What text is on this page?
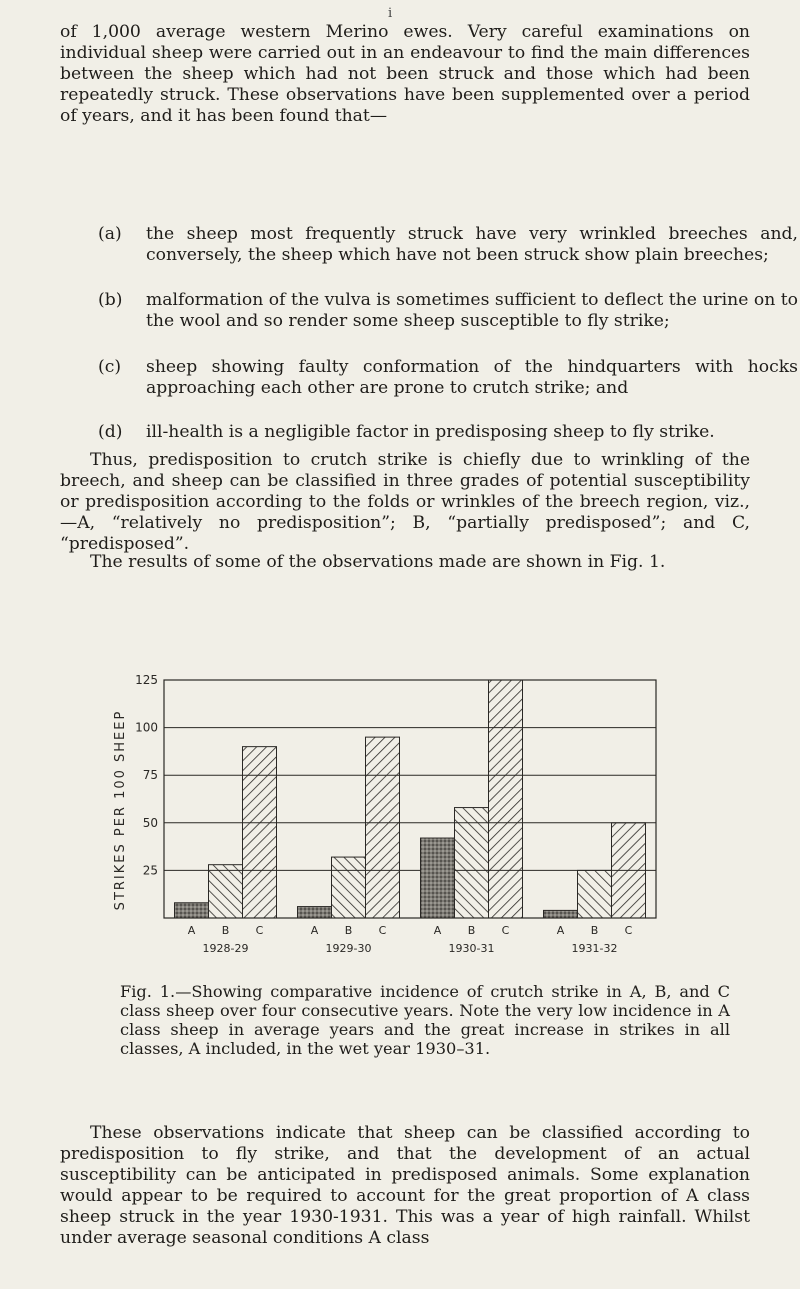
i
of 1,000 average western Merino ewes. Very careful examinations on individual sheep were carried out in an endeavour to find the main differences between the sheep which had not been struck and those which had been repeatedly struck. These observations have been supplemented over a period of years, and it has been found that—
(a) the sheep most frequently struck have very wrinkled breeches and, conversely, the sheep which have not been struck show plain breeches;
(b) malformation of the vulva is sometimes sufficient to deflect the urine on to the wool and so render some sheep susceptible to fly strike;
(c) sheep showing faulty conformation of the hindquarters with hocks approaching each other are prone to crutch strike; and
(d) ill-health is a negligible factor in predisposing sheep to fly strike.
Thus, predisposition to crutch strike is chiefly due to wrinkling of the breech, and sheep can be classified in three grades of potential susceptibility or predisposition according to the folds or wrinkles of the breech region, viz.,—A, “relatively no predisposition”; B, “partially predisposed”; and C, “predisposed”.
The results of some of the observations made are shown in Fig. 1.
25
50
75
100
125
A B C
1928-29
A B C
1929-30
A B C
1930-31
A B C
1931-32
STRIKES PER 100 SHEEP
Fig. 1.—Showing comparative incidence of crutch strike in A, B, and C class sheep over four consecutive years. Note the very low incidence in A class sheep in average years and the great increase in strikes in all classes, A included, in the wet year 1930–31.
These observations indicate that sheep can be classified according to predisposition to fly strike, and that the development of an actual susceptibility can be anticipated in predisposed animals. Some explanation would appear to be required to account for the great proportion of A class sheep struck in the year 1930-1931. This was a year of high rainfall. Whilst under average seasonal conditions A class
